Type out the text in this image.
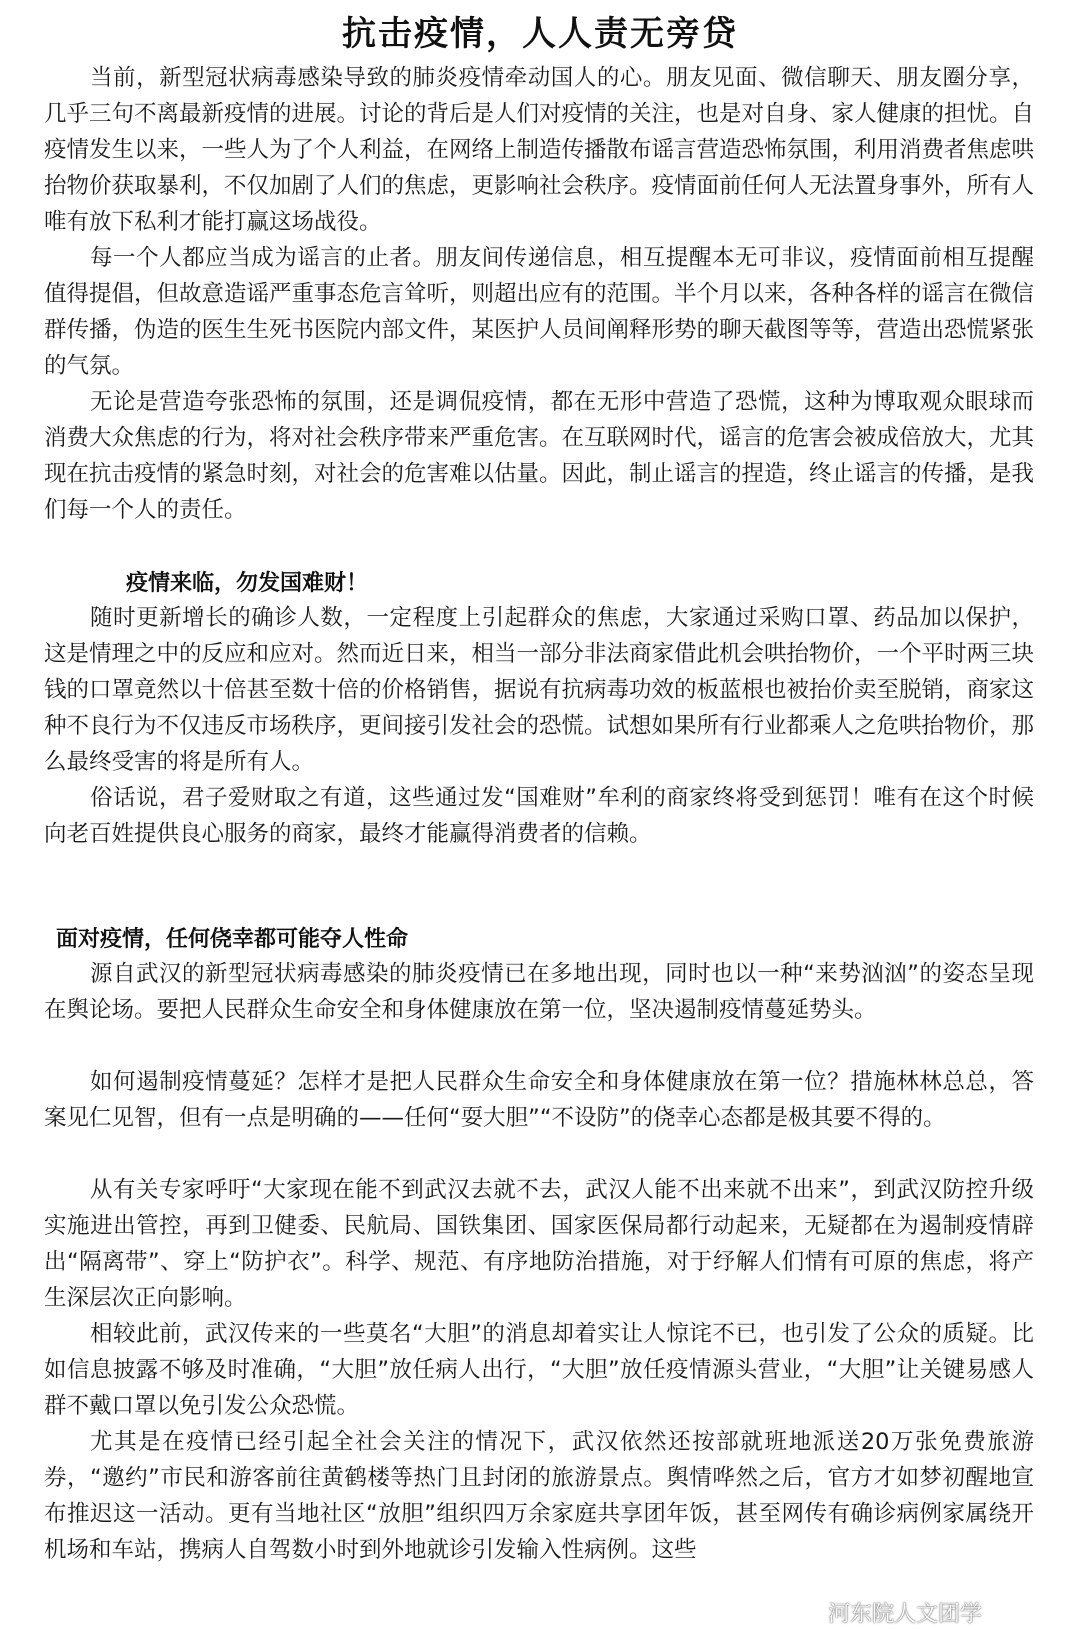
抗击疫情，人人责无旁贷
当前，新型冠状病毒感染导致的肺炎疫情牵动国人的心。朋友见面、微信聊天、朋友圈分享，几乎三句不离最新疫情的进展。讨论的背后是人们对疫情的关注，也是对自身、家人健康的担忧。自疫情发生以来，一些人为了个人利益，在网络上制造传播散布谣言营造恐怖氛围，利用消费者焦虑哄抬物价获取暴利，不仅加剧了人们的焦虑，更影响社会秩序。疫情面前任何人无法置身事外，所有人唯有放下私利才能打赢这场战役。
每一个人都应当成为谣言的止者。朋友间传递信息，相互提醒本无可非议，疫情面前相互提醒值得提倡，但故意造谣严重事态危言耸听，则超出应有的范围。半个月以来，各种各样的谣言在微信群传播，伪造的医生生死书医院内部文件，某医护人员间阐释形势的聊天截图等等，营造出恐慌紧张的气氛。
无论是营造夸张恐怖的氛围，还是调侃疫情，都在无形中营造了恐慌，这种为博取观众眼球而消费大众焦虑的行为，将对社会秩序带来严重危害。在互联网时代，谣言的危害会被成倍放大，尤其现在抗击疫情的紧急时刻，对社会的危害难以估量。因此，制止谣言的捏造，终止谣言的传播，是我们每一个人的责任。
疫情来临，勿发国难财！
随时更新增长的确诊人数，一定程度上引起群众的焦虑，大家通过采购口罩、药品加以保护，这是情理之中的反应和应对。然而近日来，相当一部分非法商家借此机会哄抬物价，一个平时两三块钱的口罩竟然以十倍甚至数十倍的价格销售，据说有抗病毒功效的板蓝根也被抬价卖至脱销，商家这种不良行为不仅违反市场秩序，更间接引发社会的恐慌。试想如果所有行业都乘人之危哄抬物价，那么最终受害的将是所有人。
俗话说，君子爱财取之有道，这些通过发“国难财”牟利的商家终将受到惩罚！唯有在这个时候向老百姓提供良心服务的商家，最终才能赢得消费者的信赖。
面对疫情，任何侥幸都可能夺人性命
源自武汉的新型冠状病毒感染的肺炎疫情已在多地出现，同时也以一种“来势汹汹”的姿态呈现在舆论场。要把人民群众生命安全和身体健康放在第一位，坚决遏制疫情蔓延势头。
如何遏制疫情蔓延？怎样才是把人民群众生命安全和身体健康放在第一位？措施林林总总，答案见仁见智，但有一点是明确的——任何“耍大胆”“不设防”的侥幸心态都是极其要不得的。
从有关专家呼吁“大家现在能不到武汉去就不去，武汉人能不出来就不出来”，到武汉防控升级实施进出管控，再到卫健委、民航局、国铁集团、国家医保局都行动起来，无疑都在为遏制疫情辟出“隔离带”、穿上“防护衣”。科学、规范、有序地防治措施，对于纾解人们情有可原的焦虑，将产生深层次正向影响。
相较此前，武汉传来的一些莫名“大胆”的消息却着实让人惊诧不已，也引发了公众的质疑。比如信息披露不够及时准确，“大胆”放任病人出行，“大胆”放任疫情源头营业，“大胆”让关键易感人群不戴口罩以免引发公众恐慌。
尤其是在疫情已经引起全社会关注的情况下，武汉依然还按部就班地派送20万张免费旅游券，“邀约”市民和游客前往黄鹤楼等热门且封闭的旅游景点。舆情哗然之后，官方才如梦初醒地宣布推迟这一活动。更有当地社区“放胆”组织四万余家庭共享团年饭，甚至网传有确诊病例家属绕开机场和车站，携病人自驾数小时到外地就诊引发输入性病例。这些
河东院人文团学
